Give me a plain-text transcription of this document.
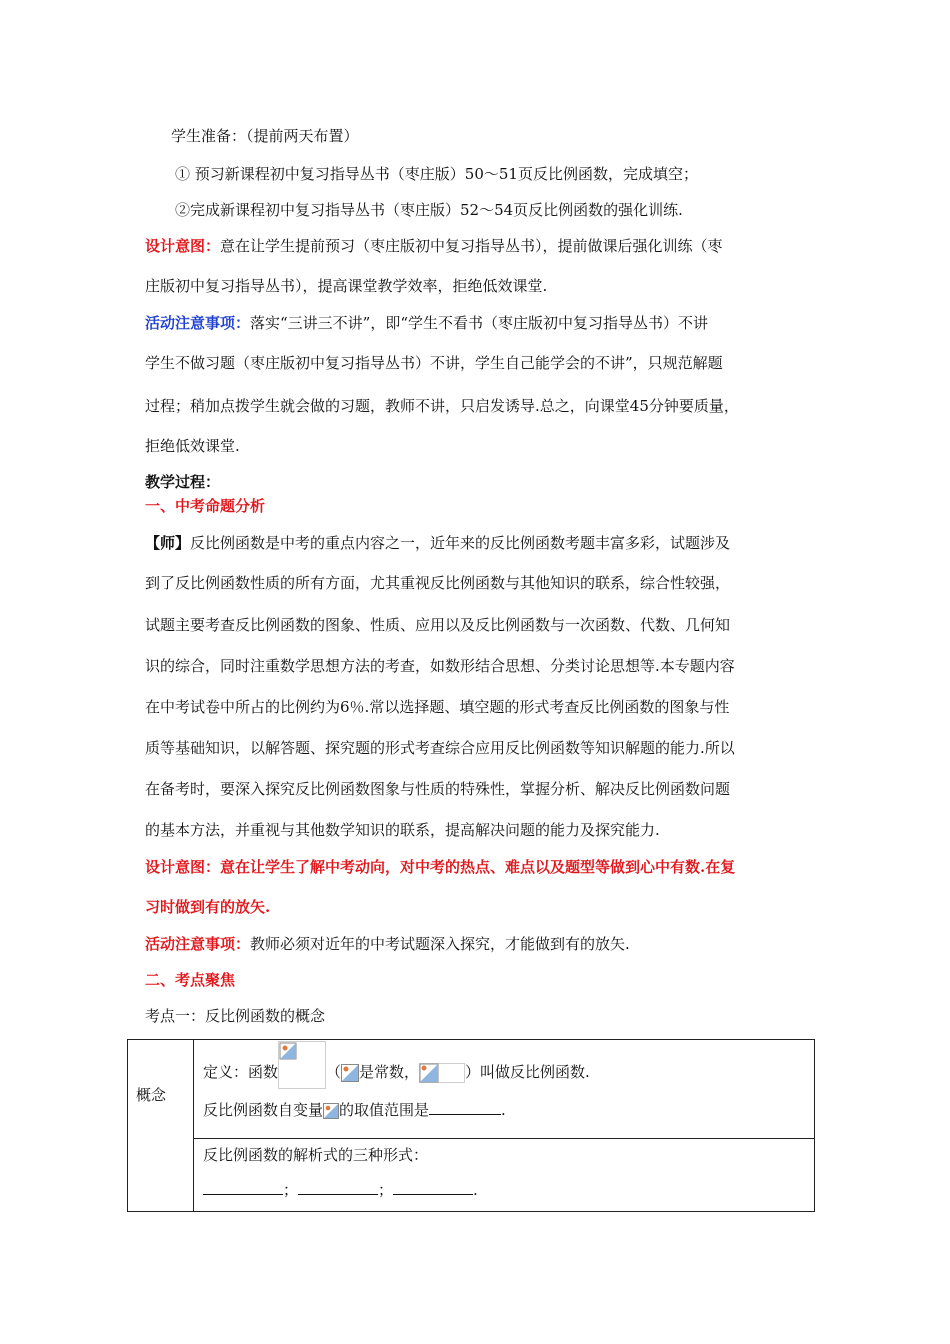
学生准备：（提前两天布置）
① 预习新课程初中复习指导丛书（枣庄版）50～51页反比例函数，完成填空；
②完成新课程初中复习指导丛书（枣庄版）52～54页反比例函数的强化训练.
设计意图：意在让学生提前预习（枣庄版初中复习指导丛书），提前做课后强化训练（枣
庄版初中复习指导丛书），提高课堂教学效率，拒绝低效课堂.
活动注意事项：落实“三讲三不讲”，即“学生不看书（枣庄版初中复习指导丛书）不讲
学生不做习题（枣庄版初中复习指导丛书）不讲，学生自己能学会的不讲”，只规范解题
过程；稍加点拨学生就会做的习题，教师不讲，只启发诱导.总之，向课堂45分钟要质量，
拒绝低效课堂.
教学过程：
一、中考命题分析
【师】反比例函数是中考的重点内容之一，近年来的反比例函数考题丰富多彩，试题涉及
到了反比例函数性质的所有方面，尤其重视反比例函数与其他知识的联系，综合性较强，
试题主要考查反比例函数的图象、性质、应用以及反比例函数与一次函数、代数、几何知
识的综合，同时注重数学思想方法的考查，如数形结合思想、分类讨论思想等.本专题内容
在中考试卷中所占的比例约为6％.常以选择题、填空题的形式考查反比例函数的图象与性
质等基础知识，以解答题、探究题的形式考查综合应用反比例函数等知识解题的能力.所以
在备考时，要深入探究反比例函数图象与性质的特殊性，掌握分析、解决反比例函数问题
的基本方法，并重视与其他数学知识的联系，提高解决问题的能力及探究能力.
设计意图：意在让学生了解中考动向，对中考的热点、难点以及题型等做到心中有数.在复
习时做到有的放矢.
活动注意事项：教师必须对近年的中考试题深入探究，才能做到有的放矢.
二、考点聚焦
考点一：反比例函数的概念
概念
定义：函数	（ 是常数，	）叫做反比例函数.
反比例函数自变量 的取值范围是	.
反比例函数的解析式的三种形式：
；	；	.
